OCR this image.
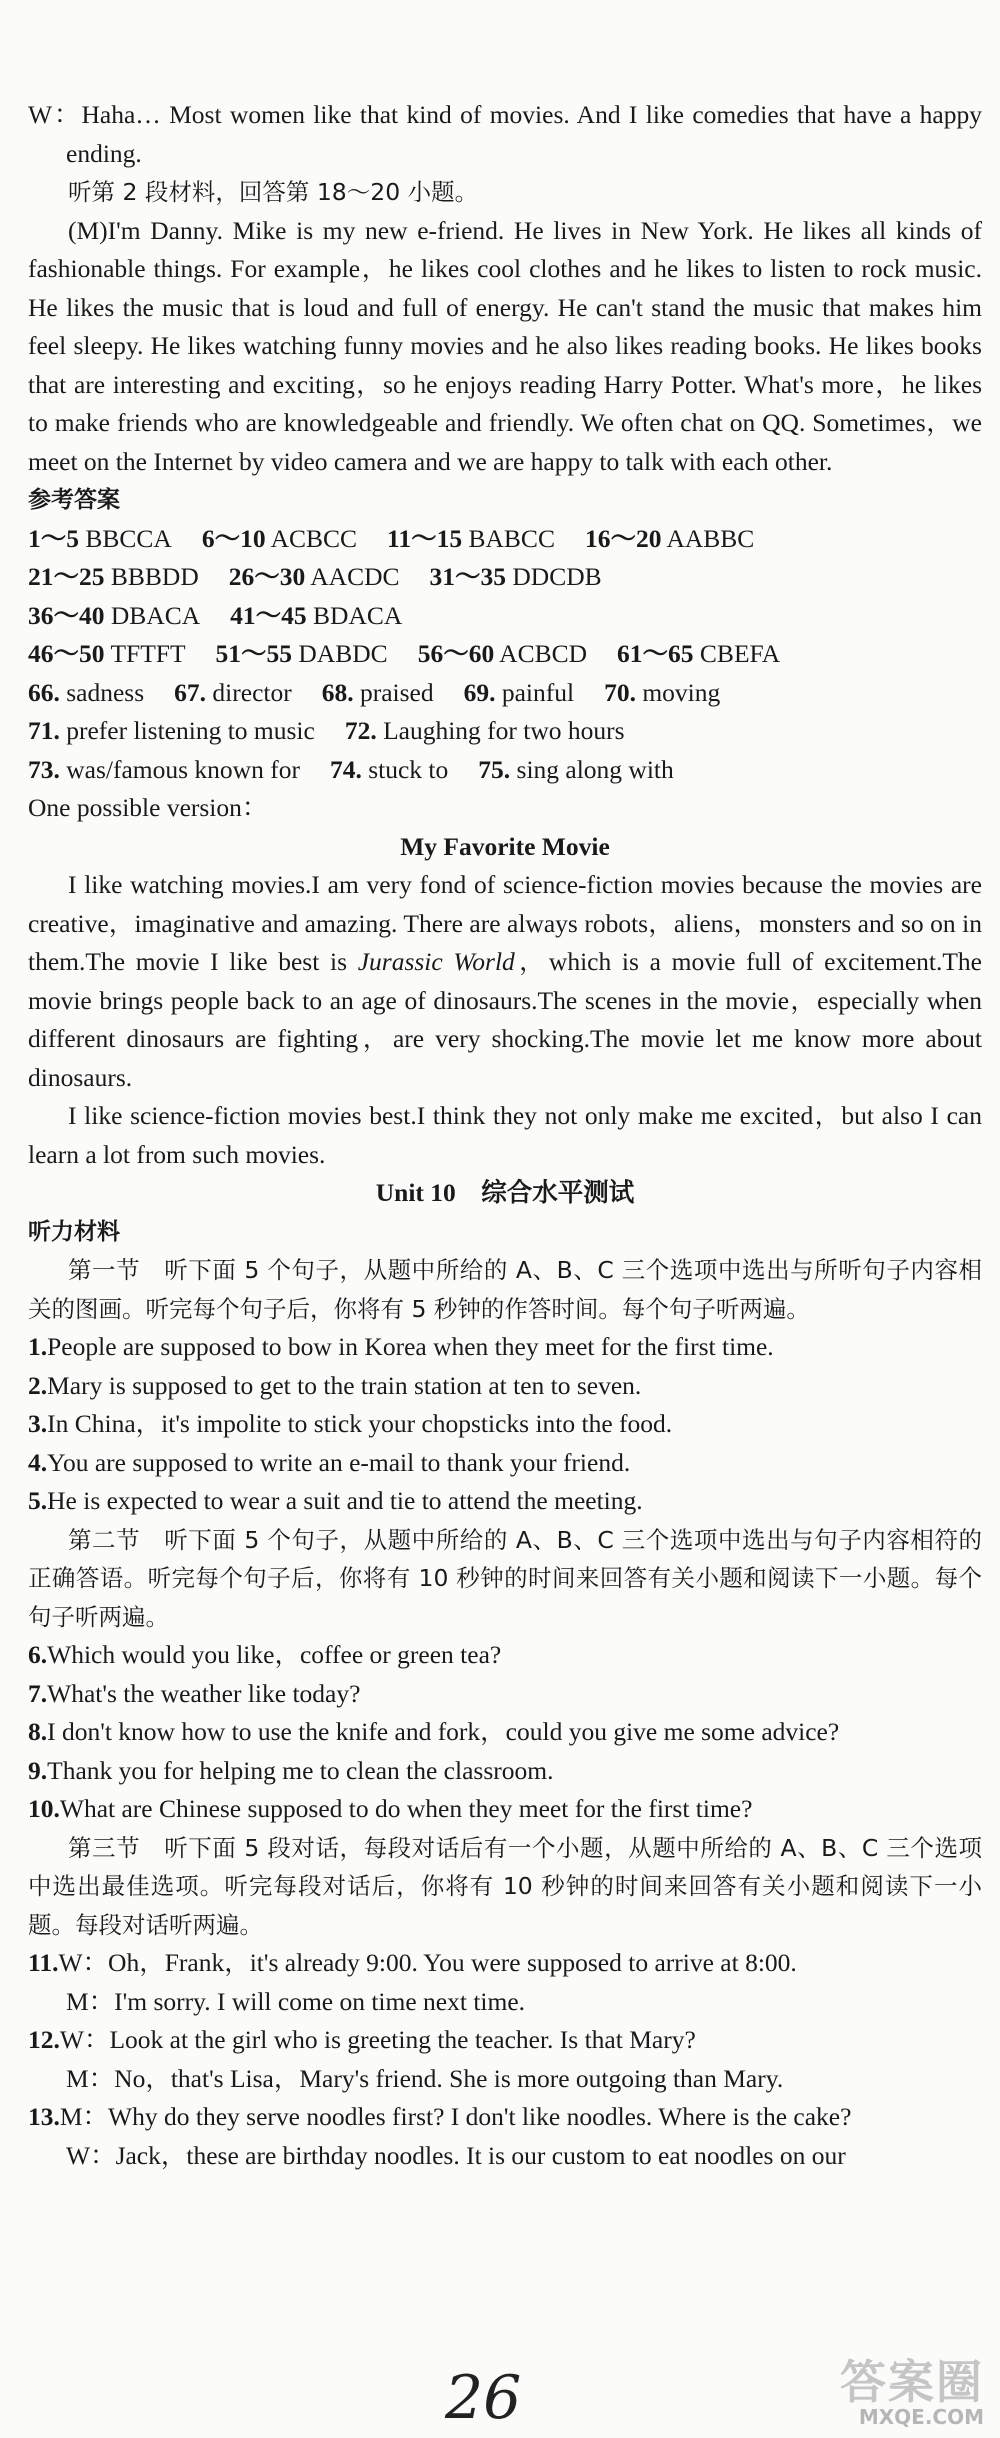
W：Haha… Most women like that kind of movies. And I like comedies that have a happy ending.

听第 2 段材料，回答第 18～20 小题。

(M)I'm Danny. Mike is my new e-friend. He lives in New York. He likes all kinds of fashionable things. For example，he likes cool clothes and he likes to listen to rock music. He likes the music that is loud and full of energy. He can't stand the music that makes him feel sleepy. He likes watching funny movies and he also likes reading books. He likes books that are interesting and exciting，so he enjoys reading Harry Potter. What's more，he likes to make friends who are knowledgeable and friendly. We often chat on QQ. Sometimes，we meet on the Internet by video camera and we are happy to talk with each other.

参考答案
1～5 BBCCA 6～10 ACBCC 11～15 BABCC 16～20 AABBC
21～25 BBBDD 26～30 AACDC 31～35 DDCDB
36～40 DBACA 41～45 BDACA
46～50 TFTFT 51～55 DABDC 56～60 ACBCD 61～65 CBEFA
66. sadness 67. director 68. praised 69. painful 70. moving
71. prefer listening to music 72. Laughing for two hours
73. was/famous known for 74. stuck to 75. sing along with

One possible version：

My Favorite Movie

I like watching movies.I am very fond of science-fiction movies because the movies are creative，imaginative and amazing. There are always robots，aliens，monsters and so on in them.The movie I like best is Jurassic World，which is a movie full of excitement.The movie brings people back to an age of dinosaurs.The scenes in the movie，especially when different dinosaurs are fighting，are very shocking.The movie let me know more about dinosaurs.

I like science-fiction movies best.I think they not only make me excited，but also I can learn a lot from such movies.

Unit 10　综合水平测试
听力材料

第一节　听下面 5 个句子，从题中所给的 A、B、C 三个选项中选出与所听句子内容相关的图画。听完每个句子后，你将有 5 秒钟的作答时间。每个句子听两遍。

1.People are supposed to bow in Korea when they meet for the first time.

2.Mary is supposed to get to the train station at ten to seven.

3.In China，it's impolite to stick your chopsticks into the food.

4.You are supposed to write an e-mail to thank your friend.

5.He is expected to wear a suit and tie to attend the meeting.

第二节　听下面 5 个句子，从题中所给的 A、B、C 三个选项中选出与句子内容相符的正确答语。听完每个句子后，你将有 10 秒钟的时间来回答有关小题和阅读下一小题。每个句子听两遍。

6.Which would you like，coffee or green tea?

7.What's the weather like today?

8.I don't know how to use the knife and fork，could you give me some advice?

9.Thank you for helping me to clean the classroom.

10.What are Chinese supposed to do when they meet for the first time?

第三节　听下面 5 段对话，每段对话后有一个小题，从题中所给的 A、B、C 三个选项中选出最佳选项。听完每段对话后，你将有 10 秒钟的时间来回答有关小题和阅读下一小题。每段对话听两遍。

11.W：Oh，Frank，it's already 9:00. You were supposed to arrive at 8:00.

M：I'm sorry. I will come on time next time.

12.W：Look at the girl who is greeting the teacher. Is that Mary?

M：No，that's Lisa，Mary's friend. She is more outgoing than Mary.

13.M：Why do they serve noodles first? I don't like noodles. Where is the cake?

W：Jack，these are birthday noodles. It is our custom to eat noodles on our

26	答案圈
MXQE.COM
